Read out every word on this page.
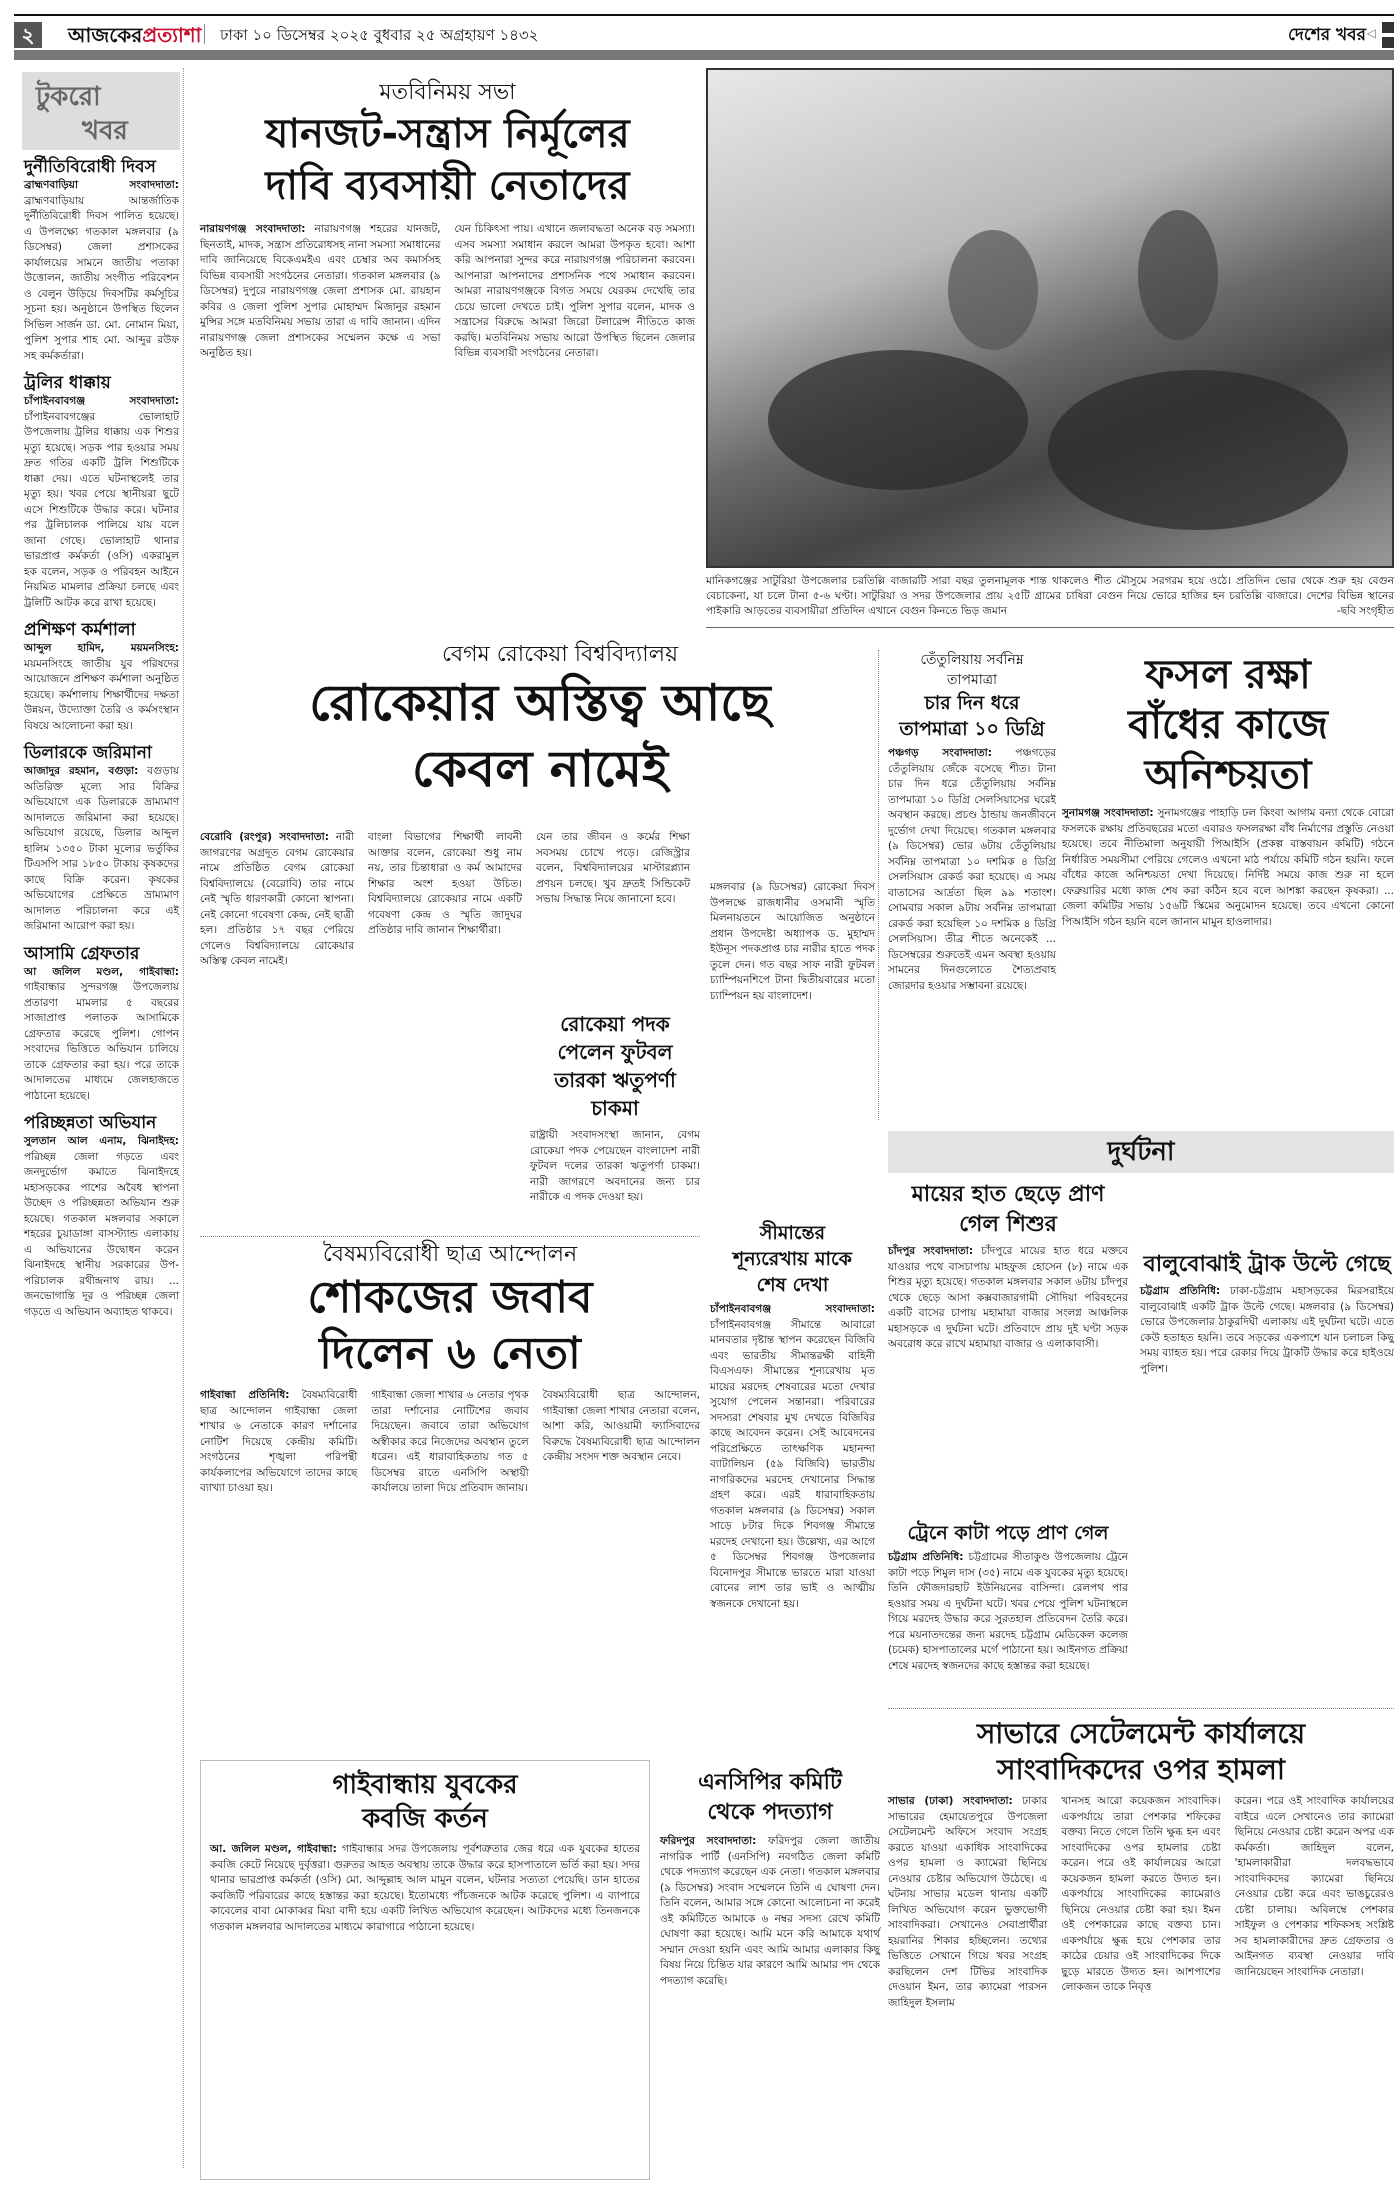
২	আজকেরপ্রত্যাশা ঢাকা ১০ ডিসেম্বর ২০২৫ বুধবার ২৫ অগ্রহায়ণ ১৪৩২	দেশের খবর ◁
টুকরো
খবর
দুর্নীতিবিরোধী দিবস

ব্রাহ্মণবাড়িয়া সংবাদদাতা: ব্রাহ্মণবাড়িয়ায় আন্তর্জাতিক দুর্নীতিবিরোধী দিবস পালিত হয়েছে। এ উপলক্ষ্যে গতকাল মঙ্গলবার (৯ ডিসেম্বর) জেলা প্রশাসকের কার্যালয়ের সামনে জাতীয় পতাকা উত্তোলন, জাতীয় সংগীত পরিবেশন ও বেলুন উড়িয়ে দিবসটির কর্মসূচির সূচনা হয়। অনুষ্ঠানে উপস্থিত ছিলেন সিভিল সার্জন ডা. মো. নোমান মিয়া, পুলিশ সুপার শাহ মো. আব্দুর রউফ সহ কর্মকর্তারা।

ট্রলির ধাক্কায়

চাঁপাইনবাবগঞ্জ সংবাদদাতা: চাঁপাইনবাবগঞ্জের ভোলাহাট উপজেলায় ট্রলির ধাক্কায় এক শিশুর মৃত্যু হয়েছে। সড়ক পার হওয়ার সময় দ্রুত গতির একটি ট্রলি শিশুটিকে ধাক্কা দেয়। এতে ঘটনাস্থলেই তার মৃত্যু হয়। খবর পেয়ে স্থানীয়রা ছুটে এসে শিশুটিকে উদ্ধার করে। ঘটনার পর ট্রলিচালক পালিয়ে যায় বলে জানা গেছে। ভোলাহাট থানার ভারপ্রাপ্ত কর্মকর্তা (ওসি) একরামুল হক বলেন, সড়ক ও পরিবহন আইনে নিয়মিত মামলার প্রক্রিয়া চলছে এবং ট্রলিটি আটক করে রাখা হয়েছে।

প্রশিক্ষণ কর্মশালা

আব্দুল হামিদ, ময়মনসিংহ: ময়মনসিংহে জাতীয় যুব পরিষদের আয়োজনে প্রশিক্ষণ কর্মশালা অনুষ্ঠিত হয়েছে। কর্মশালায় শিক্ষার্থীদের দক্ষতা উন্নয়ন, উদ্যোক্তা তৈরি ও কর্মসংস্থান বিষয়ে আলোচনা করা হয়।

ডিলারকে জরিমানা

আজাদুর রহমান, বগুড়া: বগুড়ায় অতিরিক্ত মূল্যে সার বিক্রির অভিযোগে এক ডিলারকে ভ্রাম্যমাণ আদালতে জরিমানা করা হয়েছে। অভিযোগ রয়েছে, ডিলার আব্দুল হালিম ১৩৫০ টাকা মূল্যের ভর্তুকির টিএসপি সার ১৮৫০ টাকায় কৃষকদের কাছে বিক্রি করেন। কৃষকের অভিযোগের প্রেক্ষিতে ভ্রাম্যমাণ আদালত পরিচালনা করে এই জরিমানা আরোপ করা হয়।

আসামি গ্রেফতার

আ জলিল মণ্ডল, গাইবান্ধা: গাইবান্ধার সুন্দরগঞ্জ উপজেলায় প্রতারণা মামলার ৫ বছরের সাজাপ্রাপ্ত পলাতক আসামিকে গ্রেফতার করেছে পুলিশ। গোপন সংবাদের ভিত্তিতে অভিযান চালিয়ে তাকে গ্রেফতার করা হয়। পরে তাকে আদালতের মাধ্যমে জেলহাজতে পাঠানো হয়েছে।

পরিচ্ছন্নতা অভিযান

সুলতান আল এনাম, ঝিনাইদহ: পরিচ্ছন্ন জেলা গড়তে এবং জনদুর্ভোগ কমাতে ঝিনাইদহে মহাসড়কের পাশের অবৈধ স্থাপনা উচ্ছেদ ও পরিচ্ছন্নতা অভিযান শুরু হয়েছে। গতকাল মঙ্গলবার সকালে শহরের চুয়াডাঙ্গা বাসস্ট্যান্ড এলাকায় এ অভিযানের উদ্বোধন করেন ঝিনাইদহে স্থানীয় সরকারের উপ-পরিচালক রথীন্দ্রনাথ রায়। ... জনভোগান্তি দূর ও পরিচ্ছন্ন জেলা গড়তে এ অভিযান অব্যাহত থাকবে।

মতবিনিময় সভা
যানজট-সন্ত্রাস নির্মূলের
দাবি ব্যবসায়ী নেতাদের

নারায়ণগঞ্জ সংবাদদাতা: নারায়ণগঞ্জ শহরের যানজট, ছিনতাই, মাদক, সন্ত্রাস প্রতিরোধসহ নানা সমস্যা সমাধানের দাবি জানিয়েছে বিকেএমইএ এবং চেম্বার অব কমার্সসহ বিভিন্ন ব্যবসায়ী সংগঠনের নেতারা। গতকাল মঙ্গলবার (৯ ডিসেম্বর) দুপুরে নারায়ণগঞ্জ জেলা প্রশাসক মো. রায়হান কবির ও জেলা পুলিশ সুপার মোহাম্মদ মিজানুর রহমান মুন্সির সঙ্গে মতবিনিময় সভায় তারা এ দাবি জানান। এদিন নারায়ণগঞ্জ জেলা প্রশাসকের সম্মেলন কক্ষে এ সভা অনুষ্ঠিত হয়।

যেন চিকিৎসা পায়। এখানে জলাবদ্ধতা অনেক বড় সমস্যা। এসব সমস্যা সমাধান করলে আমরা উপকৃত হবো। আশা করি আপনারা সুন্দর করে নারায়ণগঞ্জ পরিচালনা করবেন। আপনারা আপনাদের প্রশাসনিক পথে সমাধান করবেন। আমরা নারায়ণগঞ্জকে বিগত সময়ে যেরকম দেখেছি তার চেয়ে ভালো দেখতে চাই। পুলিশ সুপার বলেন, মাদক ও সন্ত্রাসের বিরুদ্ধে আমরা জিরো টলারেন্স নীতিতে কাজ করছি। মতবিনিময় সভায় আরো উপস্থিত ছিলেন জেলার বিভিন্ন ব্যবসায়ী সংগঠনের নেতারা।

মানিকগঞ্জের সাটুরিয়া উপজেলার চরতিল্লি বাজারটি সারা বছর তুলনামূলক শান্ত থাকলেও শীত মৌসুমে সরগরম হয়ে ওঠে। প্রতিদিন ভোর থেকে শুরু হয় বেগুন বেচাকেনা, যা চলে টানা ৫-৬ ঘণ্টা। সাটুরিয়া ও সদর উপজেলার প্রায় ২৫টি গ্রামের চাষিরা বেগুন নিয়ে ভোরে হাজির হন চরতিল্লি বাজারে। দেশের বিভিন্ন স্থানের পাইকারি আড়তের ব্যবসায়ীরা প্রতিদিন এখানে বেগুন কিনতে ভিড় জমান	-ছবি সংগৃহীত
বেগম রোকেয়া বিশ্ববিদ্যালয়
রোকেয়ার অস্তিত্ব আছে
কেবল নামেই

বেরোবি (রংপুর) সংবাদদাতা: নারী জাগরণের অগ্রদূত বেগম রোকেয়ার নামে প্রতিষ্ঠিত বেগম রোকেয়া বিশ্ববিদ্যালয়ে (বেরোবি) তার নামে নেই স্মৃতি ধারণকারী কোনো স্থাপনা। নেই কোনো গবেষণা কেন্দ্র, নেই ছাত্রী হল। প্রতিষ্ঠার ১৭ বছর পেরিয়ে গেলেও বিশ্ববিদ্যালয়ে রোকেয়ার অস্তিত্ব কেবল নামেই।

বাংলা বিভাগের শিক্ষার্থী লাবনী আক্তার বলেন, রোকেয়া শুধু নাম নয়, তার চিন্তাধারা ও কর্ম আমাদের শিক্ষার অংশ হওয়া উচিত। বিশ্ববিদ্যালয়ে রোকেয়ার নামে একটি গবেষণা কেন্দ্র ও স্মৃতি জাদুঘর প্রতিষ্ঠার দাবি জানান শিক্ষার্থীরা।

যেন তার জীবন ও কর্মের শিক্ষা সবসময় চোখে পড়ে। রেজিস্ট্রার বলেন, বিশ্ববিদ্যালয়ের মাস্টারপ্ল্যান প্রণয়ন চলছে। খুব দ্রুতই সিন্ডিকেট সভায় সিদ্ধান্ত নিয়ে জানানো হবে।

রোকেয়া পদক
পেলেন ফুটবল
তারকা ঋতুপর্ণা
চাকমা

রাষ্ট্রায়ী সংবাদসংস্থা জানান, বেগম রোকেয়া পদক পেয়েছেন বাংলাদেশ নারী ফুটবল দলের তারকা ঋতুপর্ণা চাকমা। নারী জাগরণে অবদানের জন্য চার নারীকে এ পদক দেওয়া হয়।

মঙ্গলবার (৯ ডিসেম্বর) রোকেয়া দিবস উপলক্ষে রাজধানীর ওসমানী স্মৃতি মিলনায়তনে আয়োজিত অনুষ্ঠানে প্রধান উপদেষ্টা অধ্যাপক ড. মুহাম্মদ ইউনূস পদকপ্রাপ্ত চার নারীর হাতে পদক তুলে দেন। গত বছর সাফ নারী ফুটবল চ্যাম্পিয়নশিপে টানা দ্বিতীয়বারের মতো চ্যাম্পিয়ন হয় বাংলাদেশ।

তেঁতুলিয়ায় সর্বনিম্ন
তাপমাত্রা
চার দিন ধরে
তাপমাত্রা ১০ ডিগ্রি

পঞ্চগড় সংবাদদাতা: পঞ্চগড়ের তেঁতুলিয়ায় জেঁকে বসেছে শীত। টানা চার দিন ধরে তেঁতুলিয়ায় সর্বনিম্ন তাপমাত্রা ১০ ডিগ্রি সেলসিয়াসের ঘরেই অবস্থান করছে। প্রচণ্ড ঠান্ডায় জনজীবনে দুর্ভোগ দেখা দিয়েছে। গতকাল মঙ্গলবার (৯ ডিসেম্বর) ভোর ৬টায় তেঁতুলিয়ায় সর্বনিম্ন তাপমাত্রা ১০ দশমিক ৪ ডিগ্রি সেলসিয়াস রেকর্ড করা হয়েছে। এ সময় বাতাসের আর্দ্রতা ছিল ৯৯ শতাংশ। সোমবার সকাল ৯টায় সর্বনিম্ন তাপমাত্রা রেকর্ড করা হয়েছিল ১০ দশমিক ৪ ডিগ্রি সেলসিয়াস। তীব্র শীতে অনেকেই ... ডিসেম্বরের শুরুতেই এমন অবস্থা হওয়ায় সামনের দিনগুলোতে শৈত্যপ্রবাহ জোরদার হওয়ার সম্ভাবনা রয়েছে।

ফসল রক্ষা
বাঁধের কাজে
অনিশ্চয়তা

সুনামগঞ্জ সংবাদদাতা: সুনামগঞ্জের পাহাড়ি ঢল কিংবা আগাম বন্যা থেকে বোরো ফসলকে রক্ষায় প্রতিবছরের মতো এবারও ফসলরক্ষা বাঁধ নির্মাণের প্রস্তুতি নেওয়া হয়েছে। তবে নীতিমালা অনুযায়ী পিআইসি (প্রকল্প বাস্তবায়ন কমিটি) গঠনে নির্ধারিত সময়সীমা পেরিয়ে গেলেও এখনো মাঠ পর্যায়ে কমিটি গঠন হয়নি। ফলে বাঁধের কাজে অনিশ্চয়তা দেখা দিয়েছে। নির্দিষ্ট সময়ে কাজ শুরু না হলে ফেব্রুয়ারির মধ্যে কাজ শেষ করা কঠিন হবে বলে আশঙ্কা করছেন কৃষকরা। ... জেলা কমিটির সভায় ১৫৬টি স্কিমের অনুমোদন হয়েছে। তবে এখনো কোনো পিআইসি গঠন হয়নি বলে জানান মামুন হাওলাদার।

দুর্ঘটনা
মায়ের হাত ছেড়ে প্রাণ গেল শিশুর

চাঁদপুর সংবাদদাতা: চাঁদপুরে মায়ের হাত ধরে মক্তবে যাওয়ার পথে বাসচাপায় মাহফুজ হোসেন (৮) নামে এক শিশুর মৃত্যু হয়েছে। গতকাল মঙ্গলবার সকাল ৬টায় চাঁদপুর থেকে ছেড়ে আসা কক্সবাজারগামী সৌদিয়া পরিবহনের একটি বাসের চাপায় মহামায়া বাজার সংলগ্ন আঞ্চলিক মহাসড়কে এ দুর্ঘটনা ঘটে। প্রতিবাদে প্রায় দুই ঘণ্টা সড়ক অবরোধ করে রাখে মহামায়া বাজার ও এলাকাবাসী।

ট্রেনে কাটা পড়ে প্রাণ গেল

চট্টগ্রাম প্রতিনিধি: চট্টগ্রামের সীতাকুণ্ড উপজেলায় ট্রেনে কাটা পড়ে শিমুল দাস (৩৫) নামে এক যুবকের মৃত্যু হয়েছে। তিনি ফৌজদারহাট ইউনিয়নের বাসিন্দা। রেলপথ পার হওয়ার সময় এ দুর্ঘটনা ঘটে। খবর পেয়ে পুলিশ ঘটনাস্থলে গিয়ে মরদেহ উদ্ধার করে সুরতহাল প্রতিবেদন তৈরি করে। পরে ময়নাতদন্তের জন্য মরদেহ চট্টগ্রাম মেডিকেল কলেজ (চমেক) হাসপাতালের মর্গে পাঠানো হয়। আইনগত প্রক্রিয়া শেষে মরদেহ স্বজনদের কাছে হস্তান্তর করা হয়েছে।

বালুবোঝাই ট্রাক উল্টে গেছে

চট্টগ্রাম প্রতিনিধি: ঢাকা-চট্টগ্রাম মহাসড়কের মিরসরাইয়ে বালুবোঝাই একটি ট্রাক উল্টে গেছে। মঙ্গলবার (৯ ডিসেম্বর) ভোরে উপজেলার ঠাকুরদিঘী এলাকায় এই দুর্ঘটনা ঘটে। এতে কেউ হতাহত হয়নি। তবে সড়কের একপাশে যান চলাচল কিছু সময় ব্যাহত হয়। পরে রেকার দিয়ে ট্রাকটি উদ্ধার করে হাইওয়ে পুলিশ।

বৈষম্যবিরোধী ছাত্র আন্দোলন
শোকজের জবাব
দিলেন ৬ নেতা

গাইবান্ধা প্রতিনিধি: বৈষম্যবিরোধী ছাত্র আন্দোলন গাইবান্ধা জেলা শাখার ৬ নেতাকে কারণ দর্শানোর নোটিশ দিয়েছে কেন্দ্রীয় কমিটি। সংগঠনের শৃঙ্খলা পরিপন্থী কার্যকলাপের অভিযোগে তাদের কাছে ব্যাখ্যা চাওয়া হয়।

গাইবান্ধা জেলা শাখার ৬ নেতার পৃথক তারা দর্শানোর নোটিশের জবাব দিয়েছেন। জবাবে তারা অভিযোগ অস্বীকার করে নিজেদের অবস্থান তুলে ধরেন। এই ধারাবাহিকতায় গত ৫ ডিসেম্বর রাতে এনসিপি অস্থায়ী কার্যালয়ে তালা দিয়ে প্রতিবাদ জানায়।

বৈষম্যবিরোধী ছাত্র আন্দোলন, গাইবান্ধা জেলা শাখার নেতারা বলেন, আশা করি, আওয়ামী ফ্যাসিবাদের বিরুদ্ধে বৈষম্যবিরোধী ছাত্র আন্দোলন কেন্দ্রীয় সংসদ শক্ত অবস্থান নেবে।

সীমান্তের
শূন্যরেখায় মাকে
শেষ দেখা

চাঁপাইনবাবগঞ্জ সংবাদদাতা: চাঁপাইনবাবগঞ্জ সীমান্তে আবারো মানবতার দৃষ্টান্ত স্থাপন করেছেন বিজিবি এবং ভারতীয় সীমান্তরক্ষী বাহিনী বিএসএফ। সীমান্তের শূন্যরেখায় মৃত মায়ের মরদেহ শেষবারের মতো দেখার সুযোগ পেলেন সন্তানরা। পরিবারের সদস্যরা শেষবার মুখ দেখতে বিজিবির কাছে আবেদন করেন। সেই আবেদনের পরিপ্রেক্ষিতে তাৎক্ষণিক মহানন্দা ব্যাটালিয়ন (৫৯ বিজিবি) ভারতীয় নাগরিকদের মরদেহ দেখানোর সিদ্ধান্ত গ্রহণ করে। এরই ধারাবাহিকতায় গতকাল মঙ্গলবার (৯ ডিসেম্বর) সকাল সাড়ে ৮টার দিকে শিবগঞ্জ সীমান্তে মরদেহ দেখানো হয়। উল্লেখ্য, এর আগে ৫ ডিসেম্বর শিবগঞ্জ উপজেলার বিনোদপুর সীমান্তে ভারতে মারা যাওয়া বোনের লাশ তার ভাই ও আত্মীয় স্বজনকে দেখানো হয়।

গাইবান্ধায় যুবকের
কবজি কর্তন

আ. জলিল মণ্ডল, গাইবান্ধা: গাইবান্ধার সদর উপজেলায় পূর্বশত্রুতার জের ধরে এক যুবকের হাতের কবজি কেটে নিয়েছে দুর্বৃত্তরা। গুরুতর আহত অবস্থায় তাকে উদ্ধার করে হাসপাতালে ভর্তি করা হয়। সদর থানার ভারপ্রাপ্ত কর্মকর্তা (ওসি) মো. আব্দুল্লাহ আল মামুন বলেন, ঘটনার সত্যতা পেয়েছি। ডান হাতের কবজিটি পরিবারের কাছে হস্তান্তর করা হয়েছে। ইতোমধ্যে পাঁচজনকে আটক করেছে পুলিশ। এ ব্যাপারে কাবেলের বাবা মোকাব্বর মিয়া বাদী হয়ে একটি লিখিত অভিযোগ করেছেন। আটকদের মধ্যে তিনজনকে গতকাল মঙ্গলবার আদালতের মাধ্যমে কারাগারে পাঠানো হয়েছে।

এনসিপির কমিটি
থেকে পদত্যাগ

ফরিদপুর সংবাদদাতা: ফরিদপুর জেলা জাতীয় নাগরিক পার্টি (এনসিপি) নবগঠিত জেলা কমিটি থেকে পদত্যাগ করেছেন এক নেতা। গতকাল মঙ্গলবার (৯ ডিসেম্বর) সংবাদ সম্মেলনে তিনি এ ঘোষণা দেন। তিনি বলেন, আমার সঙ্গে কোনো আলোচনা না করেই ওই কমিটিতে আমাকে ৬ নম্বর সদস্য রেখে কমিটি ঘোষণা করা হয়েছে। আমি মনে করি আমাকে যথার্থ সম্মান দেওয়া হয়নি এবং আমি আমার এলাকার কিছু বিষয় নিয়ে চিন্তিত যার কারণে আমি আমার পদ থেকে পদত্যাগ করেছি।

সাভারে সেটেলমেন্ট কার্যালয়ে
সাংবাদিকদের ওপর হামলা

সাভার (ঢাকা) সংবাদদাতা: ঢাকার সাভারের হেমায়েতপুরে উপজেলা সেটেলমেন্ট অফিসে সংবাদ সংগ্রহ করতে যাওয়া একাধিক সাংবাদিকের ওপর হামলা ও ক্যামেরা ছিনিয়ে নেওয়ার চেষ্টার অভিযোগ উঠেছে। এ ঘটনায় সাভার মডেল থানায় একটি লিখিত অভিযোগ করেন ভুক্তভোগী সাংবাদিকরা। সেখানেও সেবাপ্রার্থীরা হয়রানির শিকার হচ্ছিলেন। তথ্যের ভিত্তিতে সেখানে গিয়ে খবর সংগ্রহ করছিলেন দেশ টিভির সাংবাদিক দেওয়ান ইমন, তার ক্যামেরা পারসন জাহিদুল ইসলাম

খানসহ আরো কয়েকজন সাংবাদিক। একপর্যায়ে তারা পেশকার শফিকের বক্তব্য নিতে গেলে তিনি ক্ষুব্ধ হন এবং সাংবাদিকের ওপর হামলার চেষ্টা করেন। পরে ওই কার্যালয়ের আরো কয়েকজন হামলা করতে উদ্যত হন। একপর্যায়ে সাংবাদিকের ক্যামেরাও ছিনিয়ে নেওয়ার চেষ্টা করা হয়। ইমন ওই পেশকারের কাছে বক্তব্য চান। একপর্যায়ে ক্ষুব্ধ হয়ে পেশকার তার কাঠের চেয়ার ওই সাংবাদিকের দিকে ছুড়ে মারতে উদ্যত হন। আশপাশের লোকজন তাকে নিবৃত্ত

করেন। পরে ওই সাংবাদিক কার্যালয়ের বাইরে এলে সেখানেও তার ক্যামেরা ছিনিয়ে নেওয়ার চেষ্টা করেন অপর এক কর্মকর্তা। জাহিদুল বলেন, 'হামলাকারীরা দলবদ্ধভাবে সাংবাদিকদের ক্যামেরা ছিনিয়ে নেওয়ার চেষ্টা করে এবং ভাঙচুরেরও চেষ্টা চালায়। অবিলম্বে পেশকার সাইফুল ও পেশকার শফিকসহ সংশ্লিষ্ট সব হামলাকারীদের দ্রুত গ্রেফতার ও আইনগত ব্যবস্থা নেওয়ার দাবি জানিয়েছেন সাংবাদিক নেতারা।
